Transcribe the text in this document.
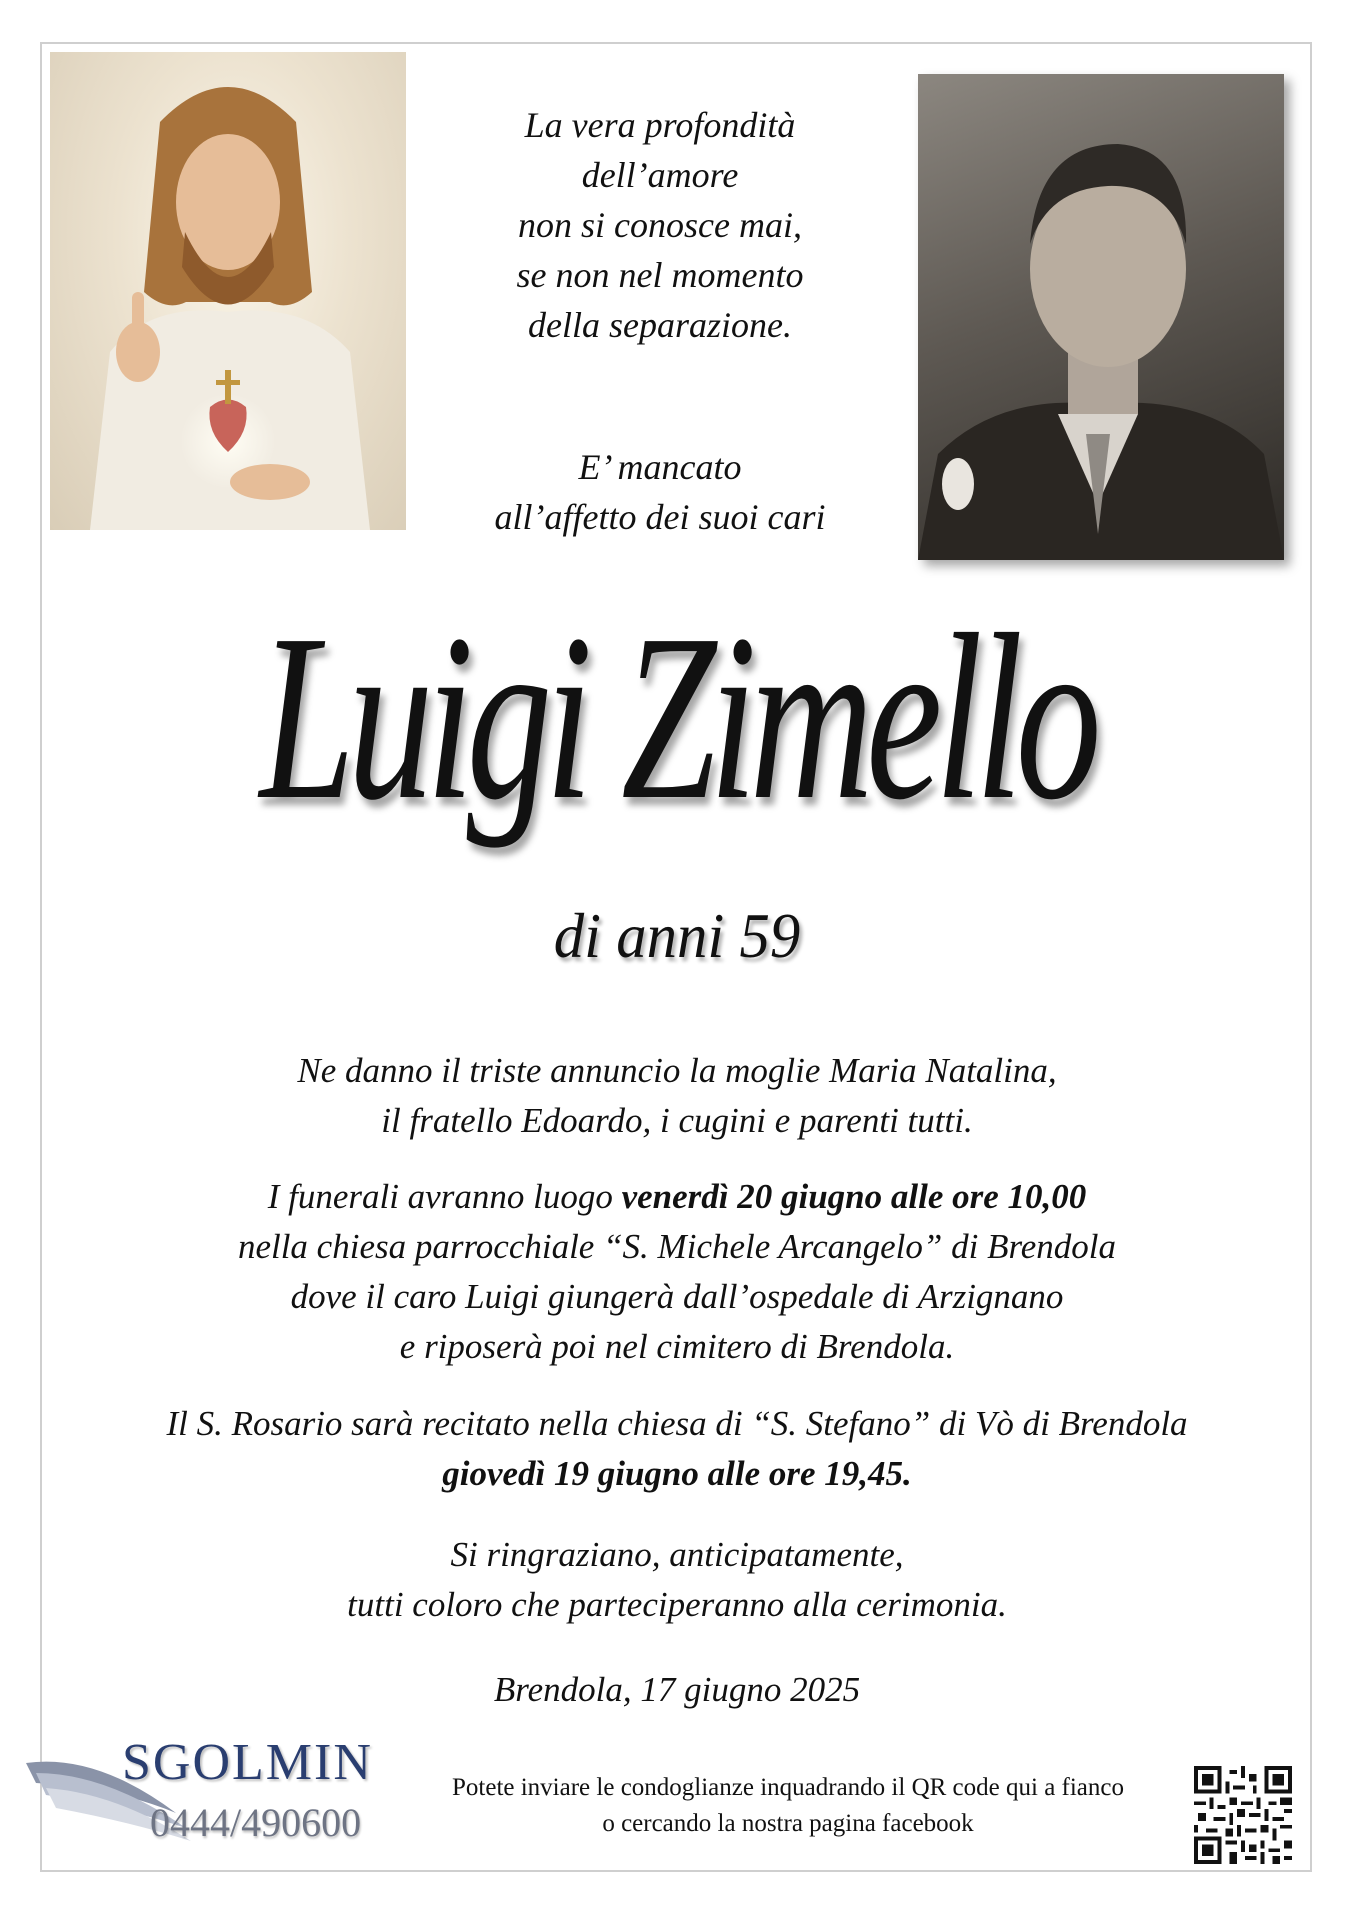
La vera profondità
dell’amore
non si conosce mai,
se non nel momento
della separazione.
E’ mancato
all’affetto dei suoi cari
Luigi Zimello
di anni 59
Ne danno il triste annuncio la moglie Maria Natalina,
il fratello Edoardo, i cugini e parenti tutti.
I funerali avranno luogo venerdì 20 giugno alle ore 10,00
nella chiesa parrocchiale “S. Michele Arcangelo” di Brendola
dove il caro Luigi giungerà dall’ospedale di Arzignano
e riposerà poi nel cimitero di Brendola.
Il S. Rosario sarà recitato nella chiesa di “S. Stefano” di Vò di Brendola
giovedì 19 giugno alle ore 19,45.
Si ringraziano, anticipatamente,
tutti coloro che parteciperanno alla cerimonia.
Brendola, 17 giugno 2025
SGOLMIN
0444/490600
Potete inviare le condoglianze inquadrando il QR code qui a fianco
o cercando la nostra pagina facebook
